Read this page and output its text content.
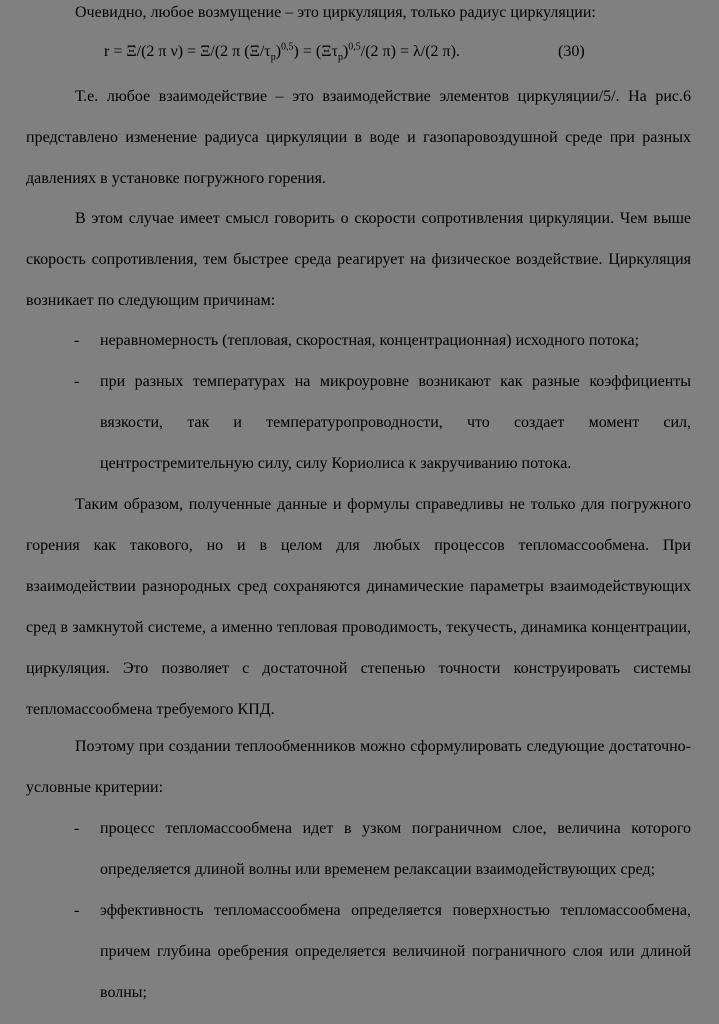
Очевидно, любое возмущение – это циркуляция, только радиус циркуляции:

r = Ξ/(2 π ν) = Ξ/(2 π $(\Xi/\tau_p)^{0,5}) = (\Xi\tau_p)^{0,5}/(2$ π) = λ/(2 π).	(30)

Т.е. любое взаимодействие – это взаимодействие элементов циркуляции/5/. На рис.6 представлено изменение радиуса циркуляции в воде и газопаровоздушной среде при разных давлениях в установке погружного горения.

В этом случае имеет смысл говорить о скорости сопротивления циркуляции. Чем выше скорость сопротивления, тем быстрее среда реагирует на физическое воздействие. Циркуляция возникает по следующим причинам:

- неравномерность (тепловая, скоростная, концентрационная) исходного потока;
- при разных температурах на микроуровне возникают как разные коэффициенты вязкости, так и температуропроводности, что создает момент сил, центростремительную силу, силу Кориолиса к закручиванию потока.

Таким образом, полученные данные и формулы справедливы не только для погружного горения как такового, но и в целом для любых процессов тепломассообмена. При взаимодействии разнородных сред сохраняются динамические параметры взаимодействующих сред в замкнутой системе, а именно тепловая проводимость, текучесть, динамика концентрации, циркуляция. Это позволяет с достаточной степенью точности конструировать системы тепломассообмена требуемого КПД.

Поэтому при создании теплообменников можно сформулировать следующие достаточно-условные критерии:

- процесс тепломассообмена идет в узком пограничном слое, величина которого определяется длиной волны или временем релаксации взаимодействующих сред;
- эффективность тепломассообмена определяется поверхностью тепломассообмена, причем глубина оребрения определяется величиной пограничного слоя или длиной волны;
